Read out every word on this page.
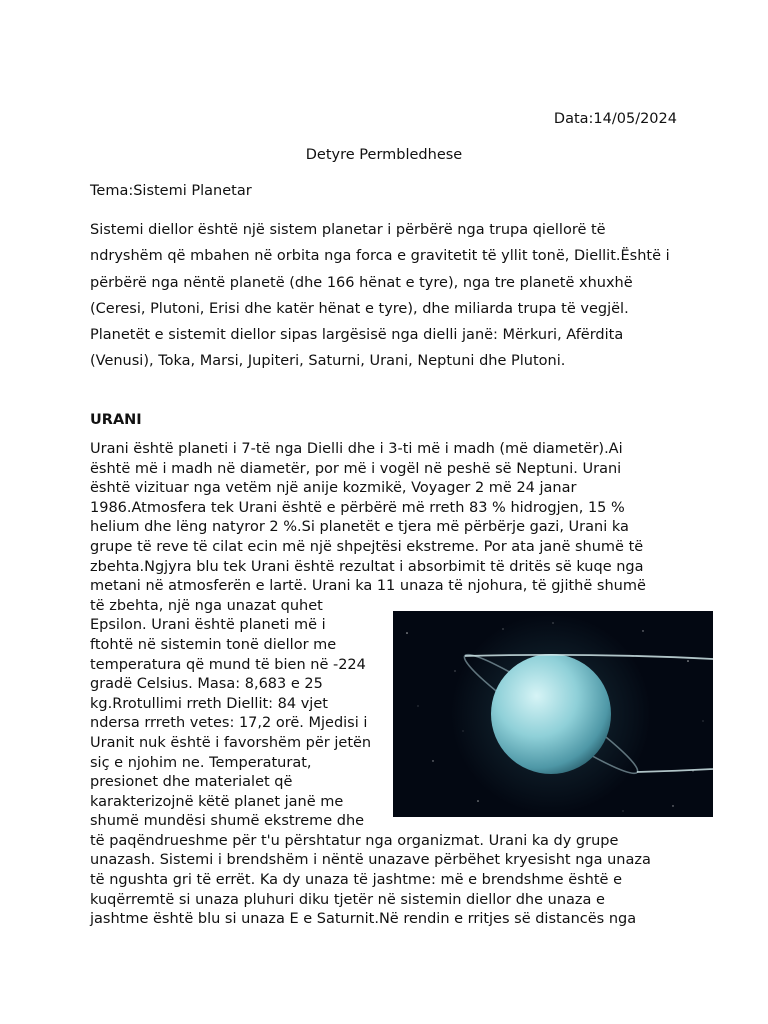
Data:14/05/2024
Detyre Permbledhese
Tema:Sistemi Planetar

Sistemi diellor është një sistem planetar i përbërë nga trupa qiellorë të ndryshëm që mbahen në orbita nga forca e gravitetit të yllit tonë, Diellit.Është i përbërë nga nëntë planetë (dhe 166 hënat e tyre), nga tre planetë xhuxhë (Ceresi, Plutoni, Erisi dhe katër hënat e tyre), dhe miliarda trupa të vegjël. Planetët e sistemit diellor sipas largësisë nga dielli janë: Mërkuri, Afërdita (Venusi), Toka, Marsi, Jupiteri, Saturni, Urani, Neptuni dhe Plutoni.

URANI
Urani është planeti i 7-të nga Dielli dhe i 3-ti më i madh (më diametër).Ai
është më i madh në diametër, por më i vogël në peshë së Neptuni. Urani
është vizituar nga vetëm një anije kozmikë, Voyager 2 më 24 janar
1986.Atmosfera tek Urani është e përbërë më rreth 83 % hidrogjen, 15 %
helium dhe lëng natyror 2 %.Si planetët e tjera më përbërje gazi, Urani ka
grupe të reve të cilat ecin më një shpejtësi ekstreme. Por ata janë shumë të
zbehta.Ngjyra blu tek Urani është rezultat i absorbimit të dritës së kuqe nga
metani në atmosferën e lartë. Urani ka 11 unaza të njohura, të gjithë shumë
të zbehta, një nga unazat quhet
Epsilon. Urani është planeti më i
ftohtë në sistemin tonë diellor me
temperatura që mund të bien në -224
gradë Celsius. Masa: 8,683 e 25
kg.Rrotullimi rreth Diellit: 84 vjet
ndersa rrreth vetes: 17,2 orë. Mjedisi i
Uranit nuk është i favorshëm për jetën
siç e njohim ne. Temperaturat,
presionet dhe materialet që
karakterizojnë këtë planet janë me
shumë mundësi shumë ekstreme dhe
të paqëndrueshme për t'u përshtatur nga organizmat. Urani ka dy grupe
unazash. Sistemi i brendshëm i nëntë unazave përbëhet kryesisht nga unaza
të ngushta gri të errët. Ka dy unaza të jashtme: më e brendshme është e
kuqërremtë si unaza pluhuri diku tjetër në sistemin diellor dhe unaza e
jashtme është blu si unaza E e Saturnit.Në rendin e rritjes së distancës nga
